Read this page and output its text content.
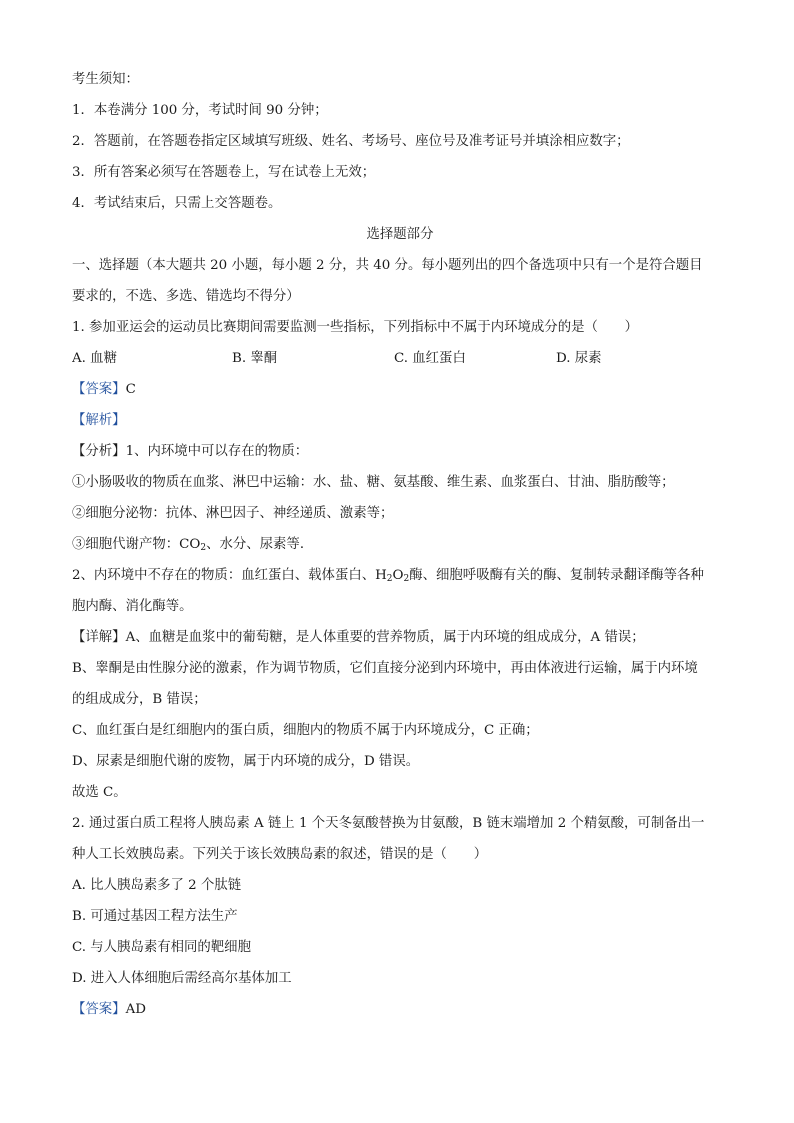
考生须知：
1．本卷满分 100 分，考试时间 90 分钟；
2．答题前，在答题卷指定区域填写班级、姓名、考场号、座位号及准考证号并填涂相应数字；
3．所有答案必须写在答题卷上，写在试卷上无效；
4．考试结束后，只需上交答题卷。
选择题部分
一、选择题（本大题共 20 小题，每小题 2 分，共 40 分。每小题列出的四个备选项中只有一个是符合题目
要求的，不选、多选、错选均不得分）
1. 参加亚运会的运动员比赛期间需要监测一些指标，下列指标中不属于内环境成分的是（　　）
A. 血糖	B. 睾酮	C. 血红蛋白	D. 尿素
【答案】C
【解析】
【分析】1、内环境中可以存在的物质：
①小肠吸收的物质在血浆、淋巴中运输：水、盐、糖、氨基酸、维生素、血浆蛋白、甘油、脂肪酸等；
②细胞分泌物：抗体、淋巴因子、神经递质、激素等；
③细胞代谢产物：$CO_2$、水分、尿素等．
2、内环境中不存在的物质：血红蛋白、载体蛋白、$H_2O_2$酶、细胞呼吸酶有关的酶、复制转录翻译酶等各种
胞内酶、消化酶等。
【详解】A、血糖是血浆中的葡萄糖，是人体重要的营养物质，属于内环境的组成成分，A 错误；
B、睾酮是由性腺分泌的激素，作为调节物质，它们直接分泌到内环境中，再由体液进行运输，属于内环境
的组成成分，B 错误；
C、血红蛋白是红细胞内的蛋白质，细胞内的物质不属于内环境成分，C 正确；
D、尿素是细胞代谢的废物，属于内环境的成分，D 错误。
故选 C。
2. 通过蛋白质工程将人胰岛素 A 链上 1 个天冬氨酸替换为甘氨酸，B 链末端增加 2 个精氨酸，可制备出一
种人工长效胰岛素。下列关于该长效胰岛素的叙述，错误的是（　　）
A. 比人胰岛素多了 2 个肽链
B. 可通过基因工程方法生产
C. 与人胰岛素有相同的靶细胞
D. 进入人体细胞后需经高尔基体加工
【答案】AD
